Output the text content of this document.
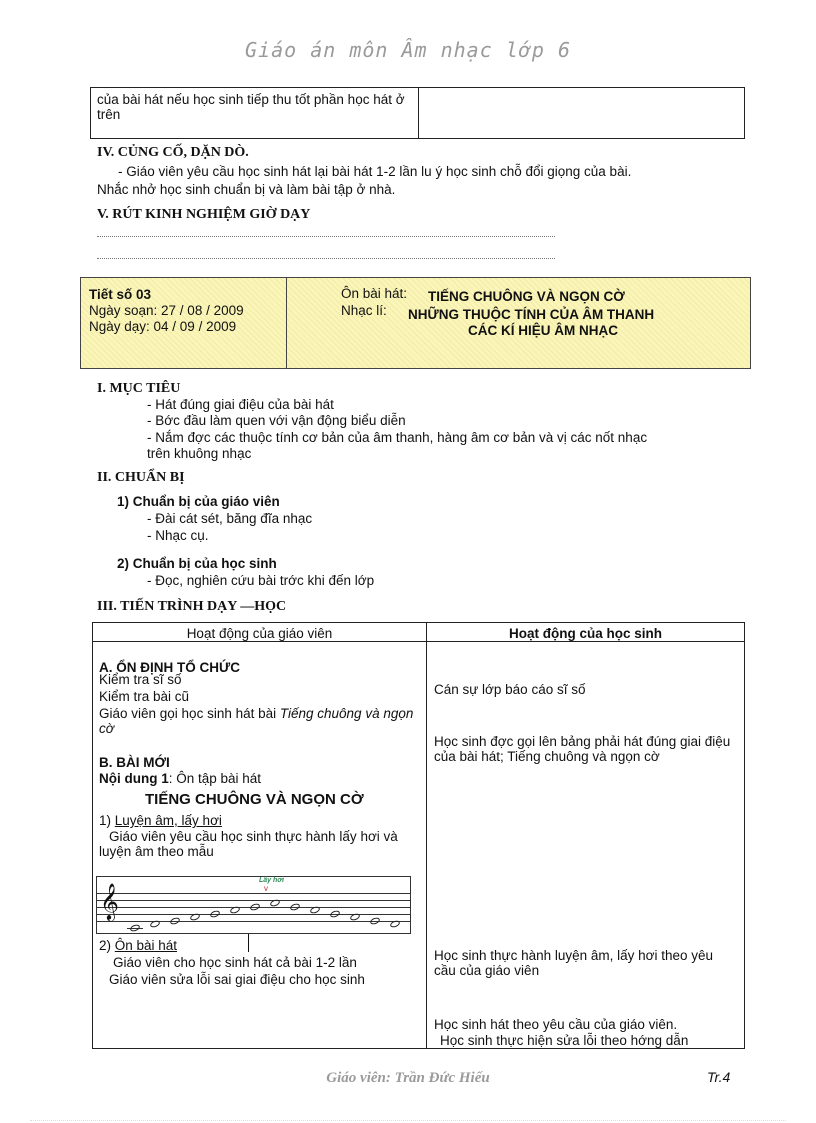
Giáo án môn Âm nhạc lớp 6
của bài hát nếu học sinh tiếp thu tốt phần học hát ở trên
IV. CỦNG CỐ, DẶN DÒ.
- Giáo viên yêu cầu học sinh hát lại bài hát 1-2 lần lu ý học sinh chỗ đổi giọng của bài.
Nhắc nhở học sinh chuẩn bị và làm bài tập ở nhà.
V. RÚT KINH NGHIỆM GIỜ DẠY
Tiết số 03
Ngày soạn: 27 / 08 / 2009
Ngày dạy: 04 / 09 / 2009
Ôn bài hát: TIẾNG CHUÔNG VÀ NGỌN CỜ
Nhạc lí: NHỮNG THUỘC TÍNH CỦA ÂM THANH
CÁC KÍ HIỆU ÂM NHẠC
I. MỤC TIÊU
- Hát đúng giai điệu của bài hát
- Bớc đầu làm quen với vận động biểu diễn
- Nắm đợc các thuộc tính cơ bản của âm thanh, hàng âm cơ bản và vị các nốt nhạc
trên khuông nhạc
II. CHUẨN BỊ
1) Chuẩn bị của giáo viên
- Đài cát sét, băng đĩa nhạc
- Nhạc cụ.
2) Chuẩn bị của học sinh
- Đọc, nghiên cứu bài trớc khi đến lớp
III. TIẾN TRÌNH DẠY —HỌC
Hoạt động của giáo viên	Hoạt động của học sinh
A. ỔN ĐỊNH TỔ CHỨC
Kiểm tra sĩ số
Kiểm tra bài cũ
Giáo viên gọi học sinh hát bài Tiếng chuông và ngọn cờ
B. BÀI MỚI
Nội dung 1: Ôn tập bài hát
TIẾNG CHUÔNG VÀ NGỌN CỜ
1) Luyện âm, lấy hơi
Giáo viên yêu cầu học sinh thực hành lấy hơi và luyện âm theo mẫu
Lấy hơi
v
𝄞
2) Ôn bài hát
Giáo viên cho học sinh hát cả bài 1-2 lần
Giáo viên sửa lỗi sai giai điệu cho học sinh
Cán sự lớp báo cáo sĩ số
Học sinh đợc gọi lên bảng phải hát đúng giai điệu của bài hát; Tiếng chuông và ngọn cờ
Học sinh thực hành luyện âm, lấy hơi theo yêu cầu của giáo viên
Học sinh hát theo yêu cầu của giáo viên.
Học sinh thực hiện sửa lỗi theo hớng dẫn
Giáo viên: Trần Đức Hiếu	Tr.4
